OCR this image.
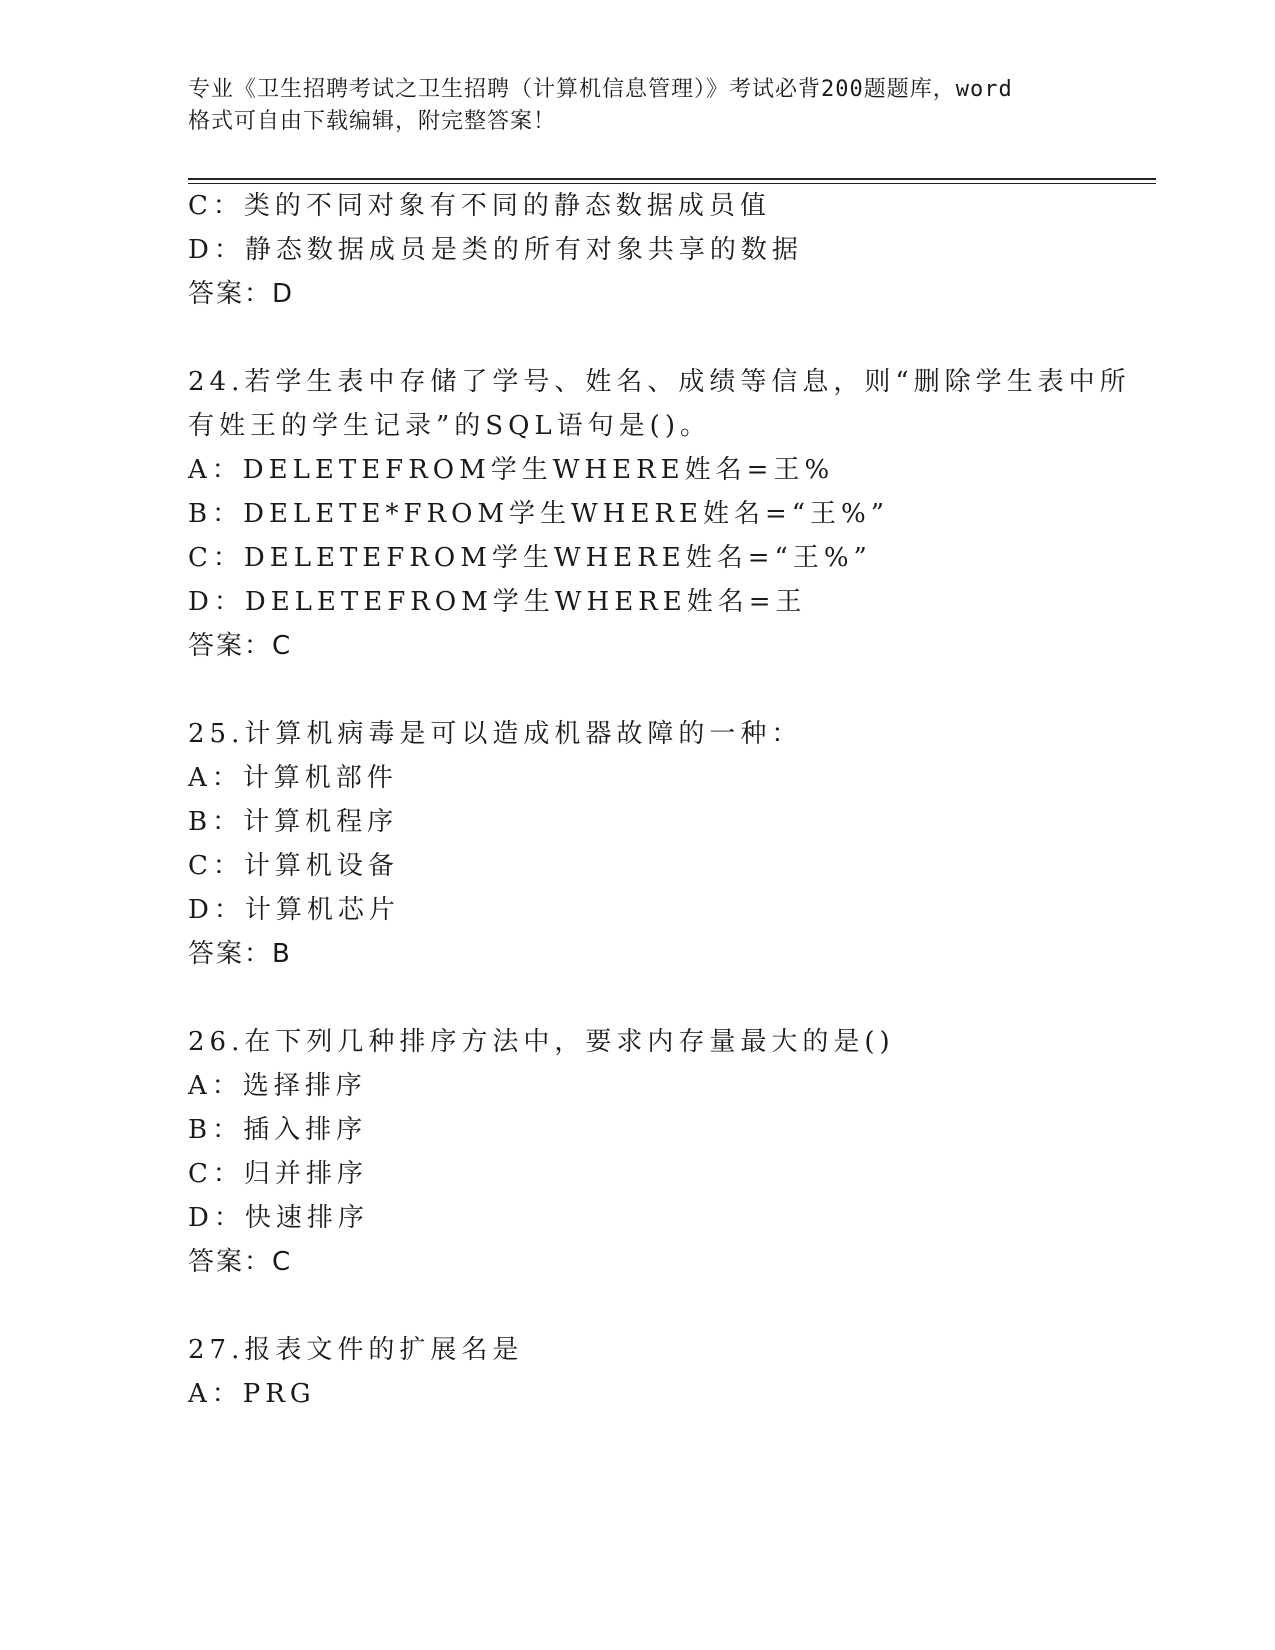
专业《卫生招聘考试之卫生招聘（计算机信息管理）》考试必背200题题库，word
格式可自由下载编辑，附完整答案！
C：类的不同对象有不同的静态数据成员值
D：静态数据成员是类的所有对象共享的数据
答案：D
24.若学生表中存储了学号、姓名、成绩等信息，则“删除学生表中所
有姓王的学生记录”的SQL语句是()。
A：DELETEFROM学生WHERE姓名=王%
B：DELETE*FROM学生WHERE姓名=“王%”
C：DELETEFROM学生WHERE姓名=“王%”
D：DELETEFROM学生WHERE姓名=王
答案：C
25.计算机病毒是可以造成机器故障的一种：
A：计算机部件
B：计算机程序
C：计算机设备
D：计算机芯片
答案：B
26.在下列几种排序方法中，要求内存量最大的是()
A：选择排序
B：插入排序
C：归并排序
D：快速排序
答案：C
27.报表文件的扩展名是
A：PRG
